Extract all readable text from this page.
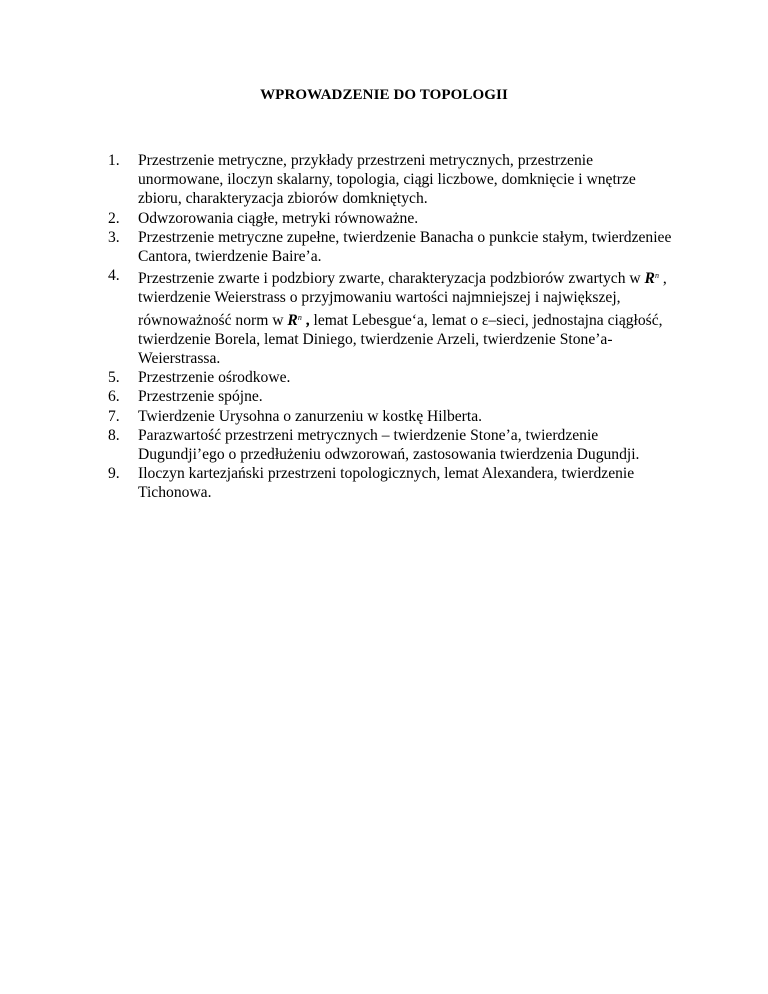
WPROWADZENIE DO TOPOLOGII
1. Przestrzenie metryczne, przykłady przestrzeni metrycznych, przestrzenie unormowane, iloczyn skalarny, topologia, ciągi liczbowe, domknięcie i wnętrze zbioru, charakteryzacja zbiorów domkniętych.
2. Odwzorowania ciągłe, metryki równoważne.
3. Przestrzenie metryczne zupełne, twierdzenie Banacha o punkcie stałym, twierdzeniee Cantora, twierdzenie Baire’a.
4. Przestrzenie zwarte i podzbiory zwarte, charakteryzacja podzbiorów zwartych w $R^n$ , twierdzenie Weierstrass o przyjmowaniu wartości najmniejszej i największej, równoważność norm w $R^n$ , lemat Lebesgue‘a, lemat o ε–sieci, jednostajna ciągłość, twierdzenie Borela, lemat Diniego, twierdzenie Arzeli, twierdzenie Stone’a-Weierstrassa.
5. Przestrzenie ośrodkowe.
6. Przestrzenie spójne.
7. Twierdzenie Urysohna o zanurzeniu w kostkę Hilberta.
8. Parazwartość przestrzeni metrycznych – twierdzenie Stone’a, twierdzenie Dugundji’ego o przedłużeniu odwzorowań, zastosowania twierdzenia Dugundji.
9. Iloczyn kartezjański przestrzeni topologicznych, lemat Alexandera, twierdzenie Tichonowa.
